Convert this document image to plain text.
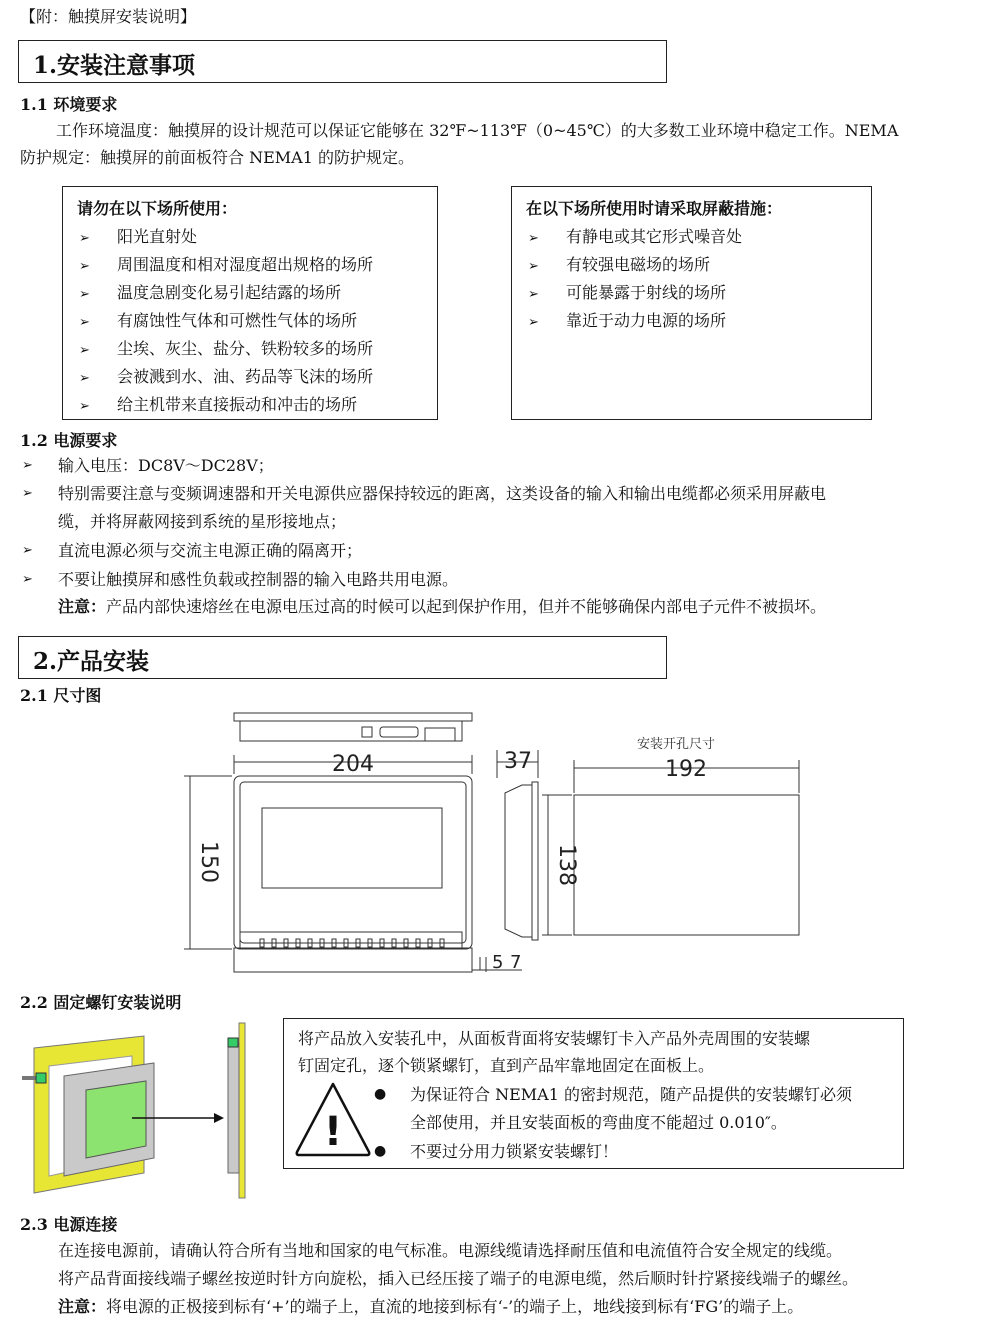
【附：触摸屏安装说明】
1.安装注意事项
1.1 环境要求
工作环境温度：触摸屏的设计规范可以保证它能够在 32℉~113℉（0~45℃）的大多数工业环境中稳定工作。NEMA
防护规定：触摸屏的前面板符合 NEMA1 的防护规定。
请勿在以下场所使用：
➢ 阳光直射处
➢ 周围温度和相对湿度超出规格的场所
➢ 温度急剧变化易引起结露的场所
➢ 有腐蚀性气体和可燃性气体的场所
➢ 尘埃、灰尘、盐分、铁粉较多的场所
➢ 会被溅到水、油、药品等飞沫的场所
➢ 给主机带来直接振动和冲击的场所
在以下场所使用时请采取屏蔽措施：
➢ 有静电或其它形式噪音处
➢ 有较强电磁场的场所
➢ 可能暴露于射线的场所
➢ 靠近于动力电源的场所
1.2 电源要求
➢	输入电压：DC8V～DC28V；
➢	特别需要注意与变频调速器和开关电源供应器保持较远的距离，这类设备的输入和输出电缆都必须采用屏蔽电
缆，并将屏蔽网接到系统的星形接地点；
➢	直流电源必须与交流主电源正确的隔离开；
➢	不要让触摸屏和感性负载或控制器的输入电路共用电源。
注意：产品内部快速熔丝在电源电压过高的时候可以起到保护作用，但并不能够确保内部电子元件不被损坏。
2.产品安装
2.1 尺寸图
204
150
37	192
138
5 7
安装开孔尺寸
2.2 固定螺钉安装说明
将产品放入安装孔中，从面板背面将安装螺钉卡入产品外壳周围的安装螺
钉固定孔，逐个锁紧螺钉，直到产品牢靠地固定在面板上。
!
● 为保证符合 NEMA1 的密封规范，随产品提供的安装螺钉必须
全部使用，并且安装面板的弯曲度不能超过 0.010″。
● 不要过分用力锁紧安装螺钉！
2.3 电源连接
在连接电源前，请确认符合所有当地和国家的电气标准。电源线缆请选择耐压值和电流值符合安全规定的线缆。
将产品背面接线端子螺丝按逆时针方向旋松，插入已经压接了端子的电源电缆，然后顺时针拧紧接线端子的螺丝。
注意：将电源的正极接到标有‘+’的端子上，直流的地接到标有‘-’的端子上，地线接到标有‘FG’的端子上。
